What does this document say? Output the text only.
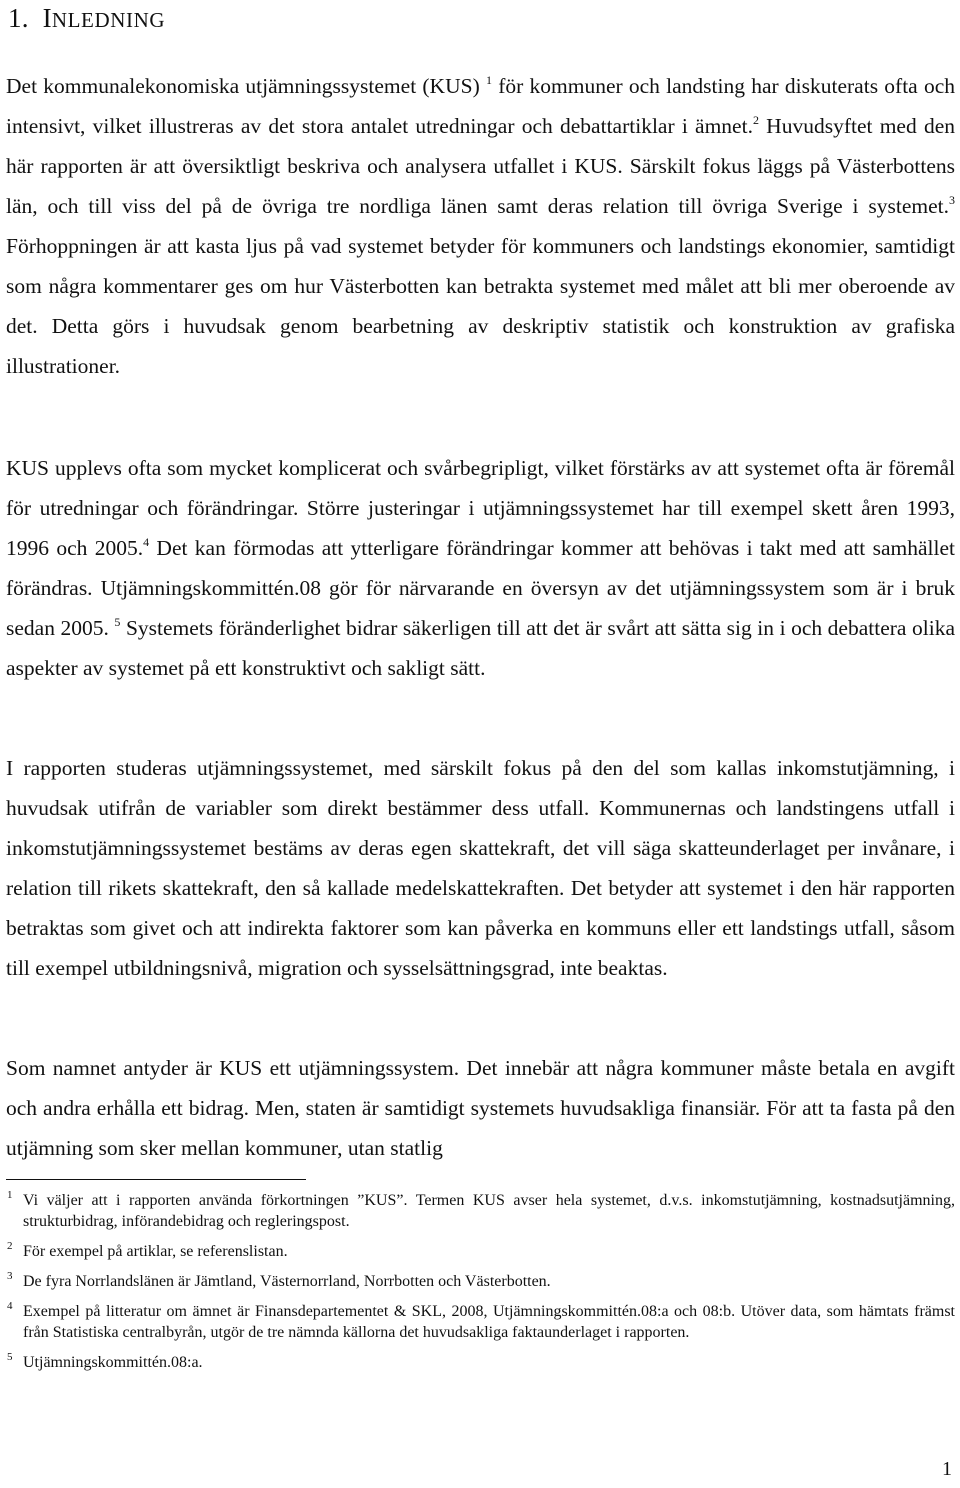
1. INLEDNING

Det kommunalekonomiska utjämningssystemet (KUS) $^1$ för kommuner och landsting har diskuterats ofta och intensivt, vilket illustreras av det stora antalet utredningar och debattartiklar i ämnet.$^2$ Huvudsyftet med den här rapporten är att översiktligt beskriva och analysera utfallet i KUS. Särskilt fokus läggs på Västerbottens län, och till viss del på de övriga tre nordliga länen samt deras relation till övriga Sverige i systemet.$^3$ Förhoppningen är att kasta ljus på vad systemet betyder för kommuners och landstings ekonomier, samtidigt som några kommentarer ges om hur Västerbotten kan betrakta systemet med målet att bli mer oberoende av det. Detta görs i huvudsak genom bearbetning av deskriptiv statistik och konstruktion av grafiska illustrationer.

KUS upplevs ofta som mycket komplicerat och svårbegripligt, vilket förstärks av att systemet ofta är föremål för utredningar och förändringar. Större justeringar i utjämningssystemet har till exempel skett åren 1993, 1996 och 2005.$^4$ Det kan förmodas att ytterligare förändringar kommer att behövas i takt med att samhället förändras. Utjämningskommittén.08 gör för närvarande en översyn av det utjämningssystem som är i bruk sedan 2005. $^5$ Systemets föränderlighet bidrar säkerligen till att det är svårt att sätta sig in i och debattera olika aspekter av systemet på ett konstruktivt och sakligt sätt.

I rapporten studeras utjämningssystemet, med särskilt fokus på den del som kallas inkomstutjämning, i huvudsak utifrån de variabler som direkt bestämmer dess utfall. Kommunernas och landstingens utfall i inkomstutjämningssystemet bestäms av deras egen skattekraft, det vill säga skatteunderlaget per invånare, i relation till rikets skattekraft, den så kallade medelskattekraften. Det betyder att systemet i den här rapporten betraktas som givet och att indirekta faktorer som kan påverka en kommuns eller ett landstings utfall, såsom till exempel utbildningsnivå, migration och sysselsättningsgrad, inte beaktas.

Som namnet antyder är KUS ett utjämningssystem. Det innebär att några kommuner måste betala en avgift och andra erhålla ett bidrag. Men, staten är samtidigt systemets huvudsakliga finansiär. För att ta fasta på den utjämning som sker mellan kommuner, utan statlig

1 Vi väljer att i rapporten använda förkortningen ”KUS”. Termen KUS avser hela systemet, d.v.s. inkomstutjämning, kostnadsutjämning, strukturbidrag, införandebidrag och regleringspost.

2 För exempel på artiklar, se referenslistan.

3 De fyra Norrlandslänen är Jämtland, Västernorrland, Norrbotten och Västerbotten.

4 Exempel på litteratur om ämnet är Finansdepartementet & SKL, 2008, Utjämningskommittén.08:a och 08:b. Utöver data, som hämtats främst från Statistiska centralbyrån, utgör de tre nämnda källorna det huvudsakliga faktaunderlaget i rapporten.

5 Utjämningskommittén.08:a.

1
